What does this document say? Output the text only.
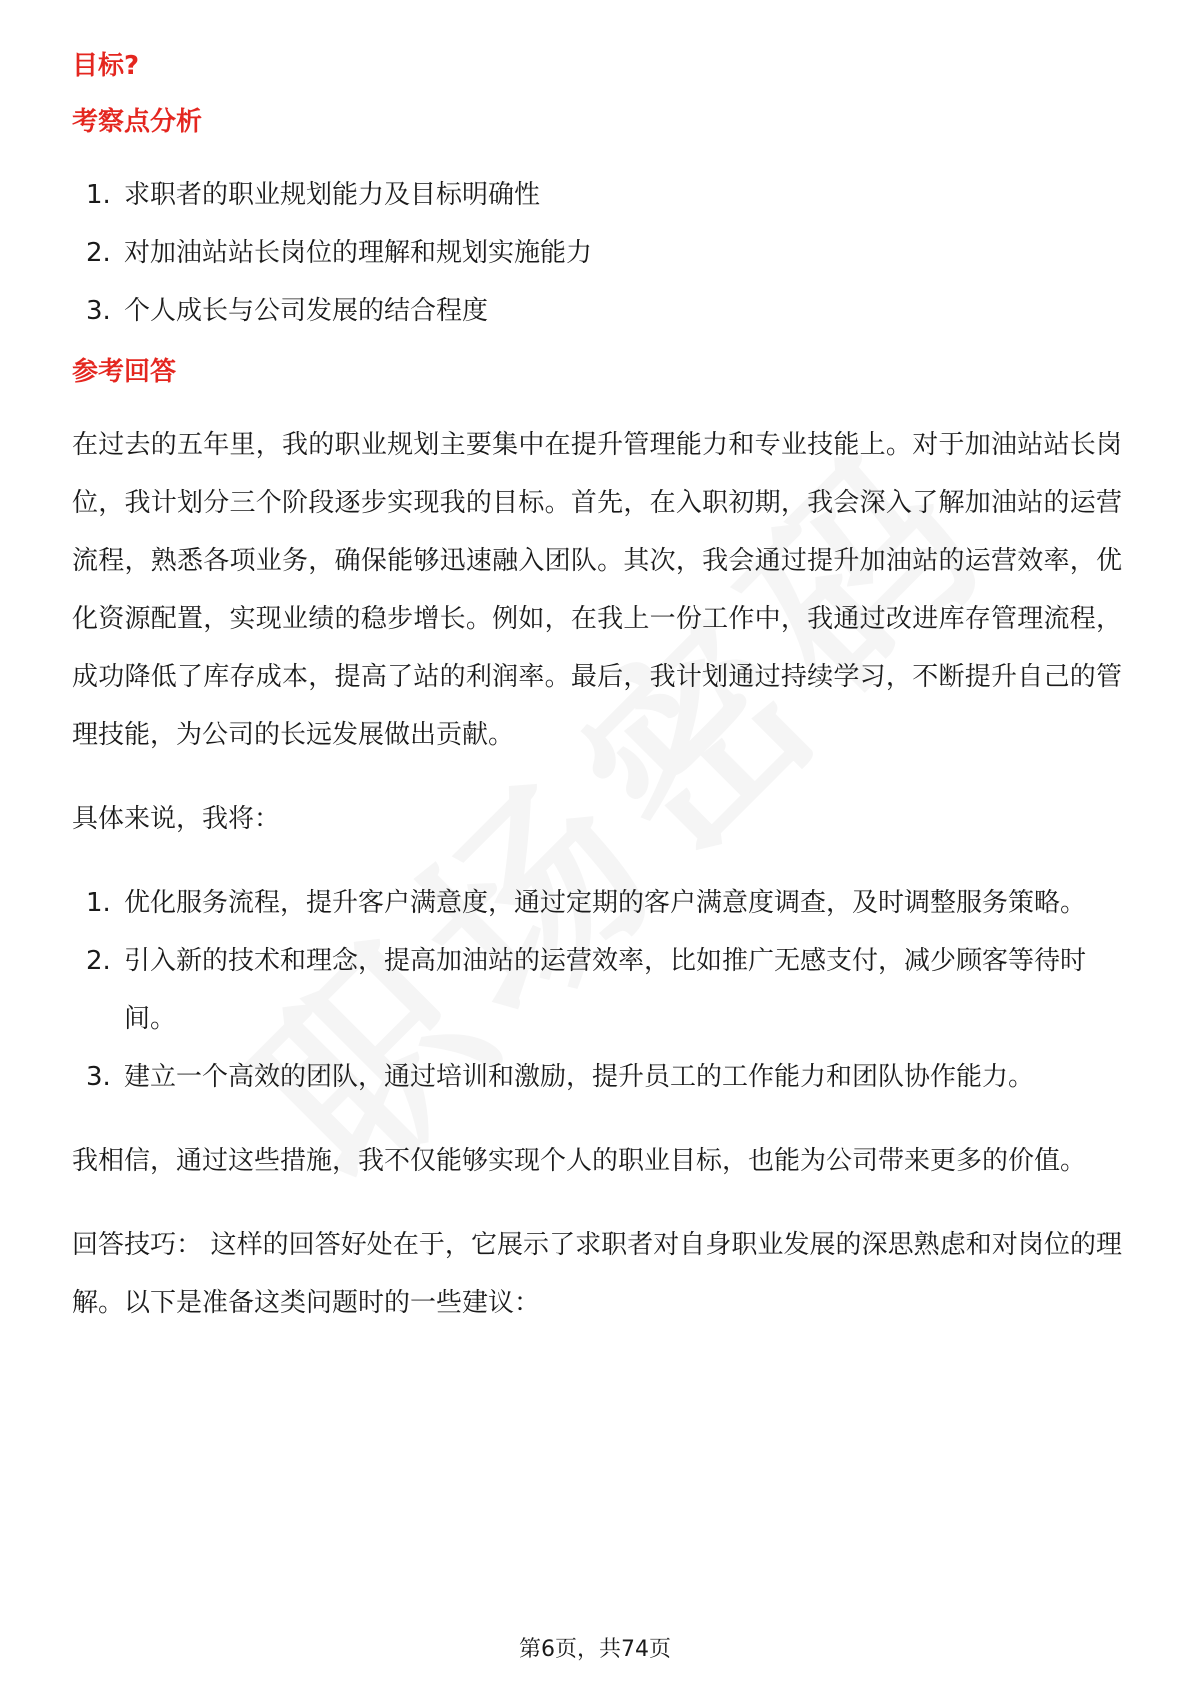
目标?
考察点分析
1. 求职者的职业规划能力及目标明确性
2. 对加油站站长岗位的理解和规划实施能力
3. 个人成长与公司发展的结合程度
参考回答

在过去的五年里，我的职业规划主要集中在提升管理能力和专业技能上。对于加油站站长岗位，我计划分三个阶段逐步实现我的目标。首先，在入职初期，我会深入了解加油站的运营流程，熟悉各项业务，确保能够迅速融入团队。其次，我会通过提升加油站的运营效率，优化资源配置，实现业绩的稳步增长。例如，在我上一份工作中，我通过改进库存管理流程，成功降低了库存成本，提高了站的利润率。最后，我计划通过持续学习，不断提升自己的管理技能，为公司的长远发展做出贡献。

具体来说，我将：

1. 优化服务流程，提升客户满意度，通过定期的客户满意度调查，及时调整服务策略。
2. 引入新的技术和理念，提高加油站的运营效率，比如推广无感支付，减少顾客等待时间。
3. 建立一个高效的团队，通过培训和激励，提升员工的工作能力和团队协作能力。

我相信，通过这些措施，我不仅能够实现个人的职业目标，也能为公司带来更多的价值。

回答技巧： 这样的回答好处在于，它展示了求职者对自身职业发展的深思熟虑和对岗位的理解。以下是准备这类问题时的一些建议：

第6页，共74页
